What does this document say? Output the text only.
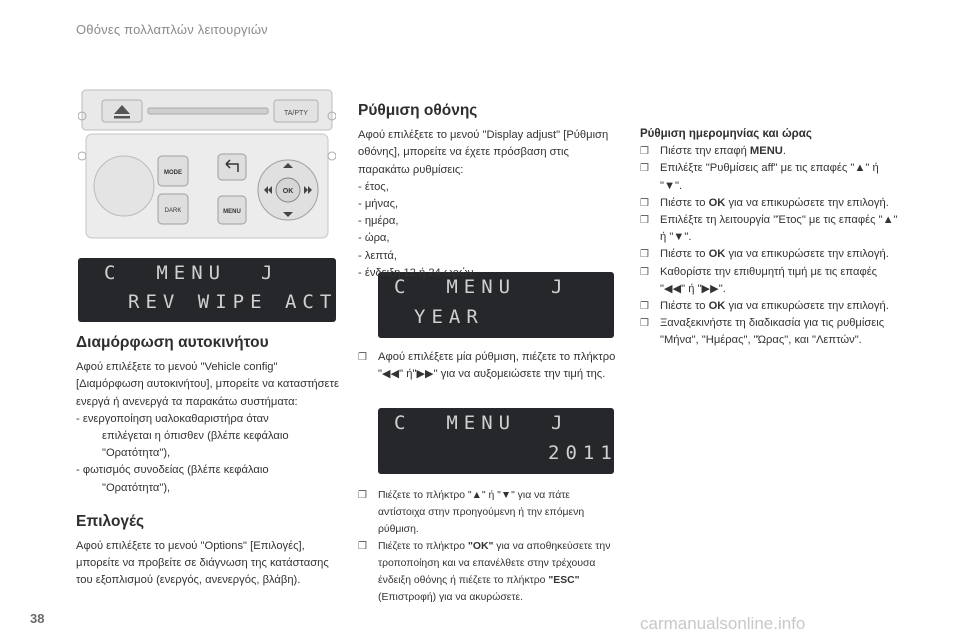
Οθόνες πολλαπλών λειτουργιών
TA/PTY
MODE
DARK	MENU
OK
C  MENU  J
REV WIPE ACT
C  MENU  J
YEAR
C  MENU  J
2011
Διαμόρφωση αυτοκινήτου
Αφού επιλέξετε το μενού "Vehicle config" [Διαμόρφωση αυτοκινήτου], μπορείτε να καταστήσετε ενεργά ή ανενεργά τα παρακάτω συστήματα:
- ενεργοποίηση υαλοκαθαριστήρα όταν
επιλέγεται η όπισθεν (βλέπε κεφάλαιο "Ορατότητα"),
- φωτισμός συνοδείας (βλέπε κεφάλαιο
"Ορατότητα"),
Επιλογές
Αφού επιλέξετε το μενού "Options" [Επιλογές], μπορείτε να προβείτε σε διάγνωση της κατάστασης του εξοπλισμού (ενεργός, ανενεργός, βλάβη).
Ρύθμιση οθόνης
Αφού επιλέξετε το μενού "Display adjust" [Ρύθμιση οθόνης], μπορείτε να έχετε πρόσβαση στις παρακάτω ρυθμίσεις:
- έτος,
- μήνας,
- ημέρα,
- ώρα,
- λεπτά,
- ένδειξη 12 ή 24 ωρών.
❒ Αφού επιλέξετε μία ρύθμιση, πιέζετε το πλήκτρο "◀◀" ή"▶▶" για να αυξομειώσετε την τιμή της.
❒ Πιέζετε το πλήκτρο "▲" ή "▼" για να πάτε αντίστοιχα στην προηγούμενη ή την επόμενη ρύθμιση.
❒ Πιέζετε το πλήκτρο "OK" για να αποθηκεύσετε την τροποποίηση και να επανέλθετε στην τρέχουσα ένδειξη οθόνης ή πιέζετε το πλήκτρο "ESC" (Επιστροφή) για να ακυρώσετε.
Ρύθμιση ημερομηνίας και ώρας
❒ Πιέστε την επαφή MENU.
❒ Επιλέξτε "Ρυθμίσεις aff" με τις επαφές "▲" ή "▼".
❒ Πιέστε το OK για να επικυρώσετε την επιλογή.
❒ Επιλέξτε τη λειτουργία "Έτος" με τις επαφές "▲" ή "▼".
❒ Πιέστε το OK για να επικυρώσετε την επιλογή.
❒ Καθορίστε την επιθυμητή τιμή με τις επαφές "◀◀" ή "▶▶".
❒ Πιέστε το OK για να επικυρώσετε την επιλογή.
❒ Ξαναξεκινήστε τη διαδικασία για τις ρυθμίσεις "Μήνα", "Ημέρας", "Ώρας", και "Λεπτών".
38	carmanualsonline.info
